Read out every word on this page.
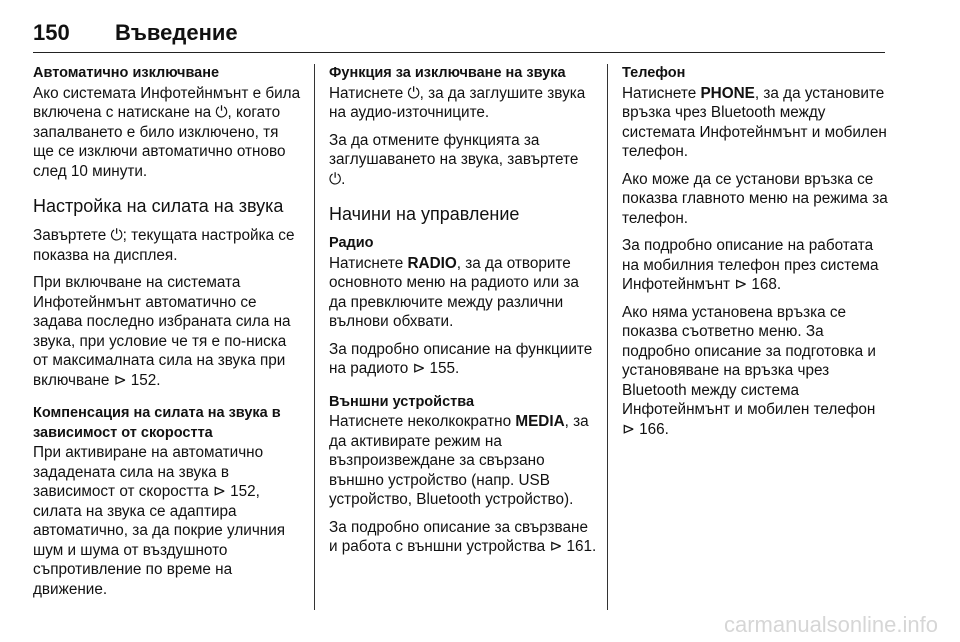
150 Въведение
Автоматично изключване

Ако системата Инфотейнмънт е била включена с натискане на ⏻, когато запалването е било изключено, тя ще се изключи автоматично отново след 10 минути.

Настройка на силата на звука

Завъртете ⏻; текущата настройка се показва на дисплея.

При включване на системата Инфотейнмънт автоматично се задава последно избраната сила на звука, при условие че тя е по-ниска от максималната сила на звука при включване ⊳ 152.

Компенсация на силата на звука в зависимост от скоростта

При активиране на автоматично зададената сила на звука в зависимост от скоростта ⊳ 152, силата на звука се адаптира автоматично, за да покрие уличния шум и шума от въздушното съпротивление по време на движение.

Функция за изключване на звука

Натиснете ⏻, за да заглушите звука на аудио-източниците.

За да отмените функцията за заглушаването на звука, завъртете ⏻.

Начини на управление
Радио

Натиснете RADIO, за да отворите основното меню на радиото или за да превключите между различни вълнови обхвати.

За подробно описание на функциите на радиото ⊳ 155.

Външни устройства

Натиснете неколкократно MEDIA, за да активирате режим на възпроизвеждане за свързано външно устройство (напр. USB устройство, Bluetooth устройство).

За подробно описание за свързване и работа с външни устройства ⊳ 161.

Телефон

Натиснете PHONE, за да установите връзка чрез Bluetooth между системата Инфотейнмънт и мобилен телефон.

Ако може да се установи връзка се показва главното меню на режима за телефон.

За подробно описание на работата на мобилния телефон през система Инфотейнмънт ⊳ 168.

Ако няма установена връзка се показва съответно меню. За подробно описание за подготовка и установяване на връзка чрез Bluetooth между система Инфотейнмънт и мобилен телефон ⊳ 166.

carmanualsonline.info
